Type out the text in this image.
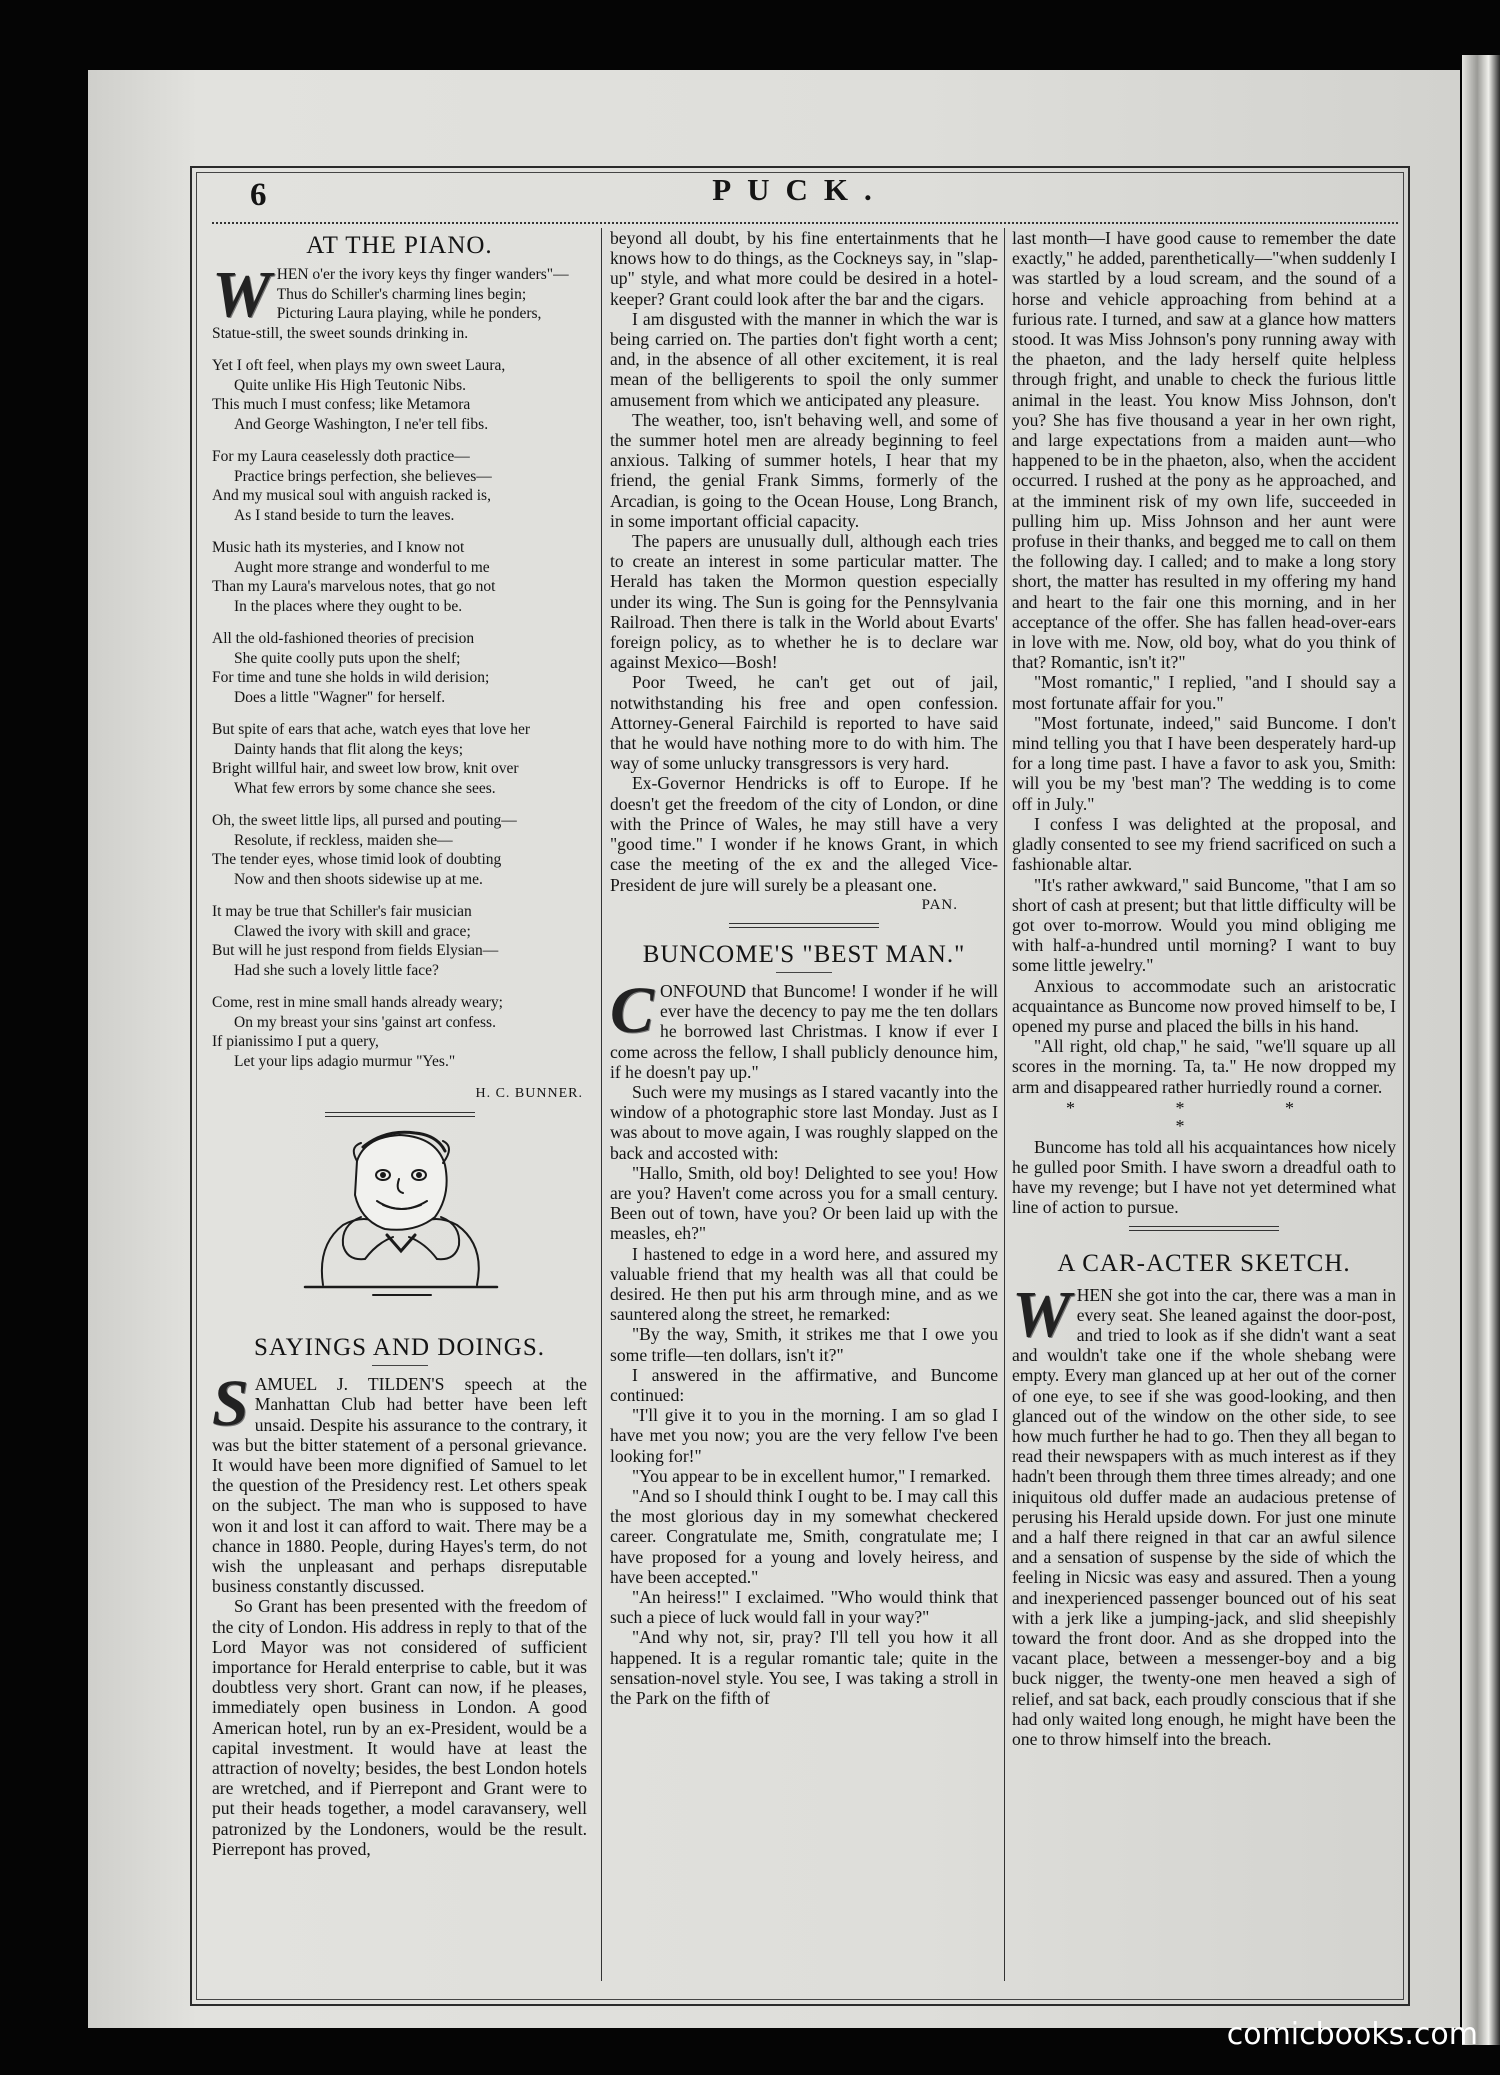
6	PUCK.
AT THE PIANO.
W HEN o'er the ivory keys thy finger wanders"—
Thus do Schiller's charming lines begin;
Picturing Laura playing, while he ponders,
Statue-still, the sweet sounds drinking in.
Yet I oft feel, when plays my own sweet Laura,
Quite unlike His High Teutonic Nibs.
This much I must confess; like Metamora
And George Washington, I ne'er tell fibs.
For my Laura ceaselessly doth practice—
Practice brings perfection, she believes—
And my musical soul with anguish racked is,
As I stand beside to turn the leaves.
Music hath its mysteries, and I know not
Aught more strange and wonderful to me
Than my Laura's marvelous notes, that go not
In the places where they ought to be.
All the old-fashioned theories of precision
She quite coolly puts upon the shelf;
For time and tune she holds in wild derision;
Does a little "Wagner" for herself.
But spite of ears that ache, watch eyes that love her
Dainty hands that flit along the keys;
Bright willful hair, and sweet low brow, knit over
What few errors by some chance she sees.
Oh, the sweet little lips, all pursed and pouting—
Resolute, if reckless, maiden she—
The tender eyes, whose timid look of doubting
Now and then shoots sidewise up at me.
It may be true that Schiller's fair musician
Clawed the ivory with skill and grace;
But will he just respond from fields Elysian—
Had she such a lovely little face?
Come, rest in mine small hands already weary;
On my breast your sins 'gainst art confess.
If pianissimo I put a query,
Let your lips adagio murmur "Yes."
H. C. BUNNER.
SAYINGS AND DOINGS.

SAMUEL J. TILDEN'S speech at the Manhattan Club had better have been left unsaid. Despite his assurance to the contrary, it was but the bitter statement of a personal grievance. It would have been more dignified of Samuel to let the question of the Presidency rest. Let others speak on the subject. The man who is supposed to have won it and lost it can afford to wait. There may be a chance in 1880. People, during Hayes's term, do not wish the unpleasant and perhaps disreputable business constantly discussed.

So Grant has been presented with the freedom of the city of London. His address in reply to that of the Lord Mayor was not considered of sufficient importance for Herald enterprise to cable, but it was doubtless very short. Grant can now, if he pleases, immediately open business in London. A good American hotel, run by an ex-President, would be a capital investment. It would have at least the attraction of novelty; besides, the best London hotels are wretched, and if Pierrepont and Grant were to put their heads together, a model caravansery, well patronized by the Londoners, would be the result. Pierrepont has proved,

beyond all doubt, by his fine entertainments that he knows how to do things, as the Cockneys say, in "slap-up" style, and what more could be desired in a hotel-keeper? Grant could look after the bar and the cigars.

I am disgusted with the manner in which the war is being carried on. The parties don't fight worth a cent; and, in the absence of all other excitement, it is real mean of the belligerents to spoil the only summer amusement from which we anticipated any pleasure.

The weather, too, isn't behaving well, and some of the summer hotel men are already beginning to feel anxious. Talking of summer hotels, I hear that my friend, the genial Frank Simms, formerly of the Arcadian, is going to the Ocean House, Long Branch, in some important official capacity.

The papers are unusually dull, although each tries to create an interest in some particular matter. The Herald has taken the Mormon question especially under its wing. The Sun is going for the Pennsylvania Railroad. Then there is talk in the World about Evarts' foreign policy, as to whether he is to declare war against Mexico—Bosh!

Poor Tweed, he can't get out of jail, notwithstanding his free and open confession. Attorney-General Fairchild is reported to have said that he would have nothing more to do with him. The way of some unlucky transgressors is very hard.

Ex-Governor Hendricks is off to Europe. If he doesn't get the freedom of the city of London, or dine with the Prince of Wales, he may still have a very "good time." I wonder if he knows Grant, in which case the meeting of the ex and the alleged Vice-President de jure will surely be a pleasant one.
PAN.

BUNCOME'S "BEST MAN."

CONFOUND that Buncome! I wonder if he will ever have the decency to pay me the ten dollars he borrowed last Christmas. I know if ever I come across the fellow, I shall publicly denounce him, if he doesn't pay up."

Such were my musings as I stared vacantly into the window of a photographic store last Monday. Just as I was about to move again, I was roughly slapped on the back and accosted with:

"Hallo, Smith, old boy! Delighted to see you! How are you? Haven't come across you for a small century. Been out of town, have you? Or been laid up with the measles, eh?"

I hastened to edge in a word here, and assured my valuable friend that my health was all that could be desired. He then put his arm through mine, and as we sauntered along the street, he remarked:

"By the way, Smith, it strikes me that I owe you some trifle—ten dollars, isn't it?"

I answered in the affirmative, and Buncome continued:

"I'll give it to you in the morning. I am so glad I have met you now; you are the very fellow I've been looking for!"

"You appear to be in excellent humor," I remarked.

"And so I should think I ought to be. I may call this the most glorious day in my somewhat checkered career. Congratulate me, Smith, congratulate me; I have proposed for a young and lovely heiress, and have been accepted."

"An heiress!" I exclaimed. "Who would think that such a piece of luck would fall in your way?"

"And why not, sir, pray? I'll tell you how it all happened. It is a regular romantic tale; quite in the sensation-novel style. You see, I was taking a stroll in the Park on the fifth of

last month—I have good cause to remember the date exactly," he added, parenthetically—"when suddenly I was startled by a loud scream, and the sound of a horse and vehicle approaching from behind at a furious rate. I turned, and saw at a glance how matters stood. It was Miss Johnson's pony running away with the phaeton, and the lady herself quite helpless through fright, and unable to check the furious little animal in the least. You know Miss Johnson, don't you? She has five thousand a year in her own right, and large expectations from a maiden aunt—who happened to be in the phaeton, also, when the accident occurred. I rushed at the pony as he approached, and at the imminent risk of my own life, succeeded in pulling him up. Miss Johnson and her aunt were profuse in their thanks, and begged me to call on them the following day. I called; and to make a long story short, the matter has resulted in my offering my hand and heart to the fair one this morning, and in her acceptance of the offer. She has fallen head-over-ears in love with me. Now, old boy, what do you think of that? Romantic, isn't it?"

"Most romantic," I replied, "and I should say a most fortunate affair for you."

"Most fortunate, indeed," said Buncome. I don't mind telling you that I have been desperately hard-up for a long time past. I have a favor to ask you, Smith: will you be my 'best man'? The wedding is to come off in July."

I confess I was delighted at the proposal, and gladly consented to see my friend sacrificed on such a fashionable altar.

"It's rather awkward," said Buncome, "that I am so short of cash at present; but that little difficulty will be got over to-morrow. Would you mind obliging me with half-a-hundred until morning? I want to buy some little jewelry."

Anxious to accommodate such an aristocratic acquaintance as Buncome now proved himself to be, I opened my purse and placed the bills in his hand.

"All right, old chap," he said, "we'll square up all scores in the morning. Ta, ta." He now dropped my arm and disappeared rather hurriedly round a corner.

* * * *

Buncome has told all his acquaintances how nicely he gulled poor Smith. I have sworn a dreadful oath to have my revenge; but I have not yet determined what line of action to pursue.

A CAR-ACTER SKETCH.

WHEN she got into the car, there was a man in every seat. She leaned against the door-post, and tried to look as if she didn't want a seat and wouldn't take one if the whole shebang were empty. Every man glanced up at her out of the corner of one eye, to see if she was good-looking, and then glanced out of the window on the other side, to see how much further he had to go. Then they all began to read their newspapers with as much interest as if they hadn't been through them three times already; and one iniquitous old duffer made an audacious pretense of perusing his Herald upside down. For just one minute and a half there reigned in that car an awful silence and a sensation of suspense by the side of which the feeling in Nicsic was easy and assured. Then a young and inexperienced passenger bounced out of his seat with a jerk like a jumping-jack, and slid sheepishly toward the front door. And as she dropped into the vacant place, between a messenger-boy and a big buck nigger, the twenty-one men heaved a sigh of relief, and sat back, each proudly conscious that if she had only waited long enough, he might have been the one to throw himself into the breach.

comicbooks.com
